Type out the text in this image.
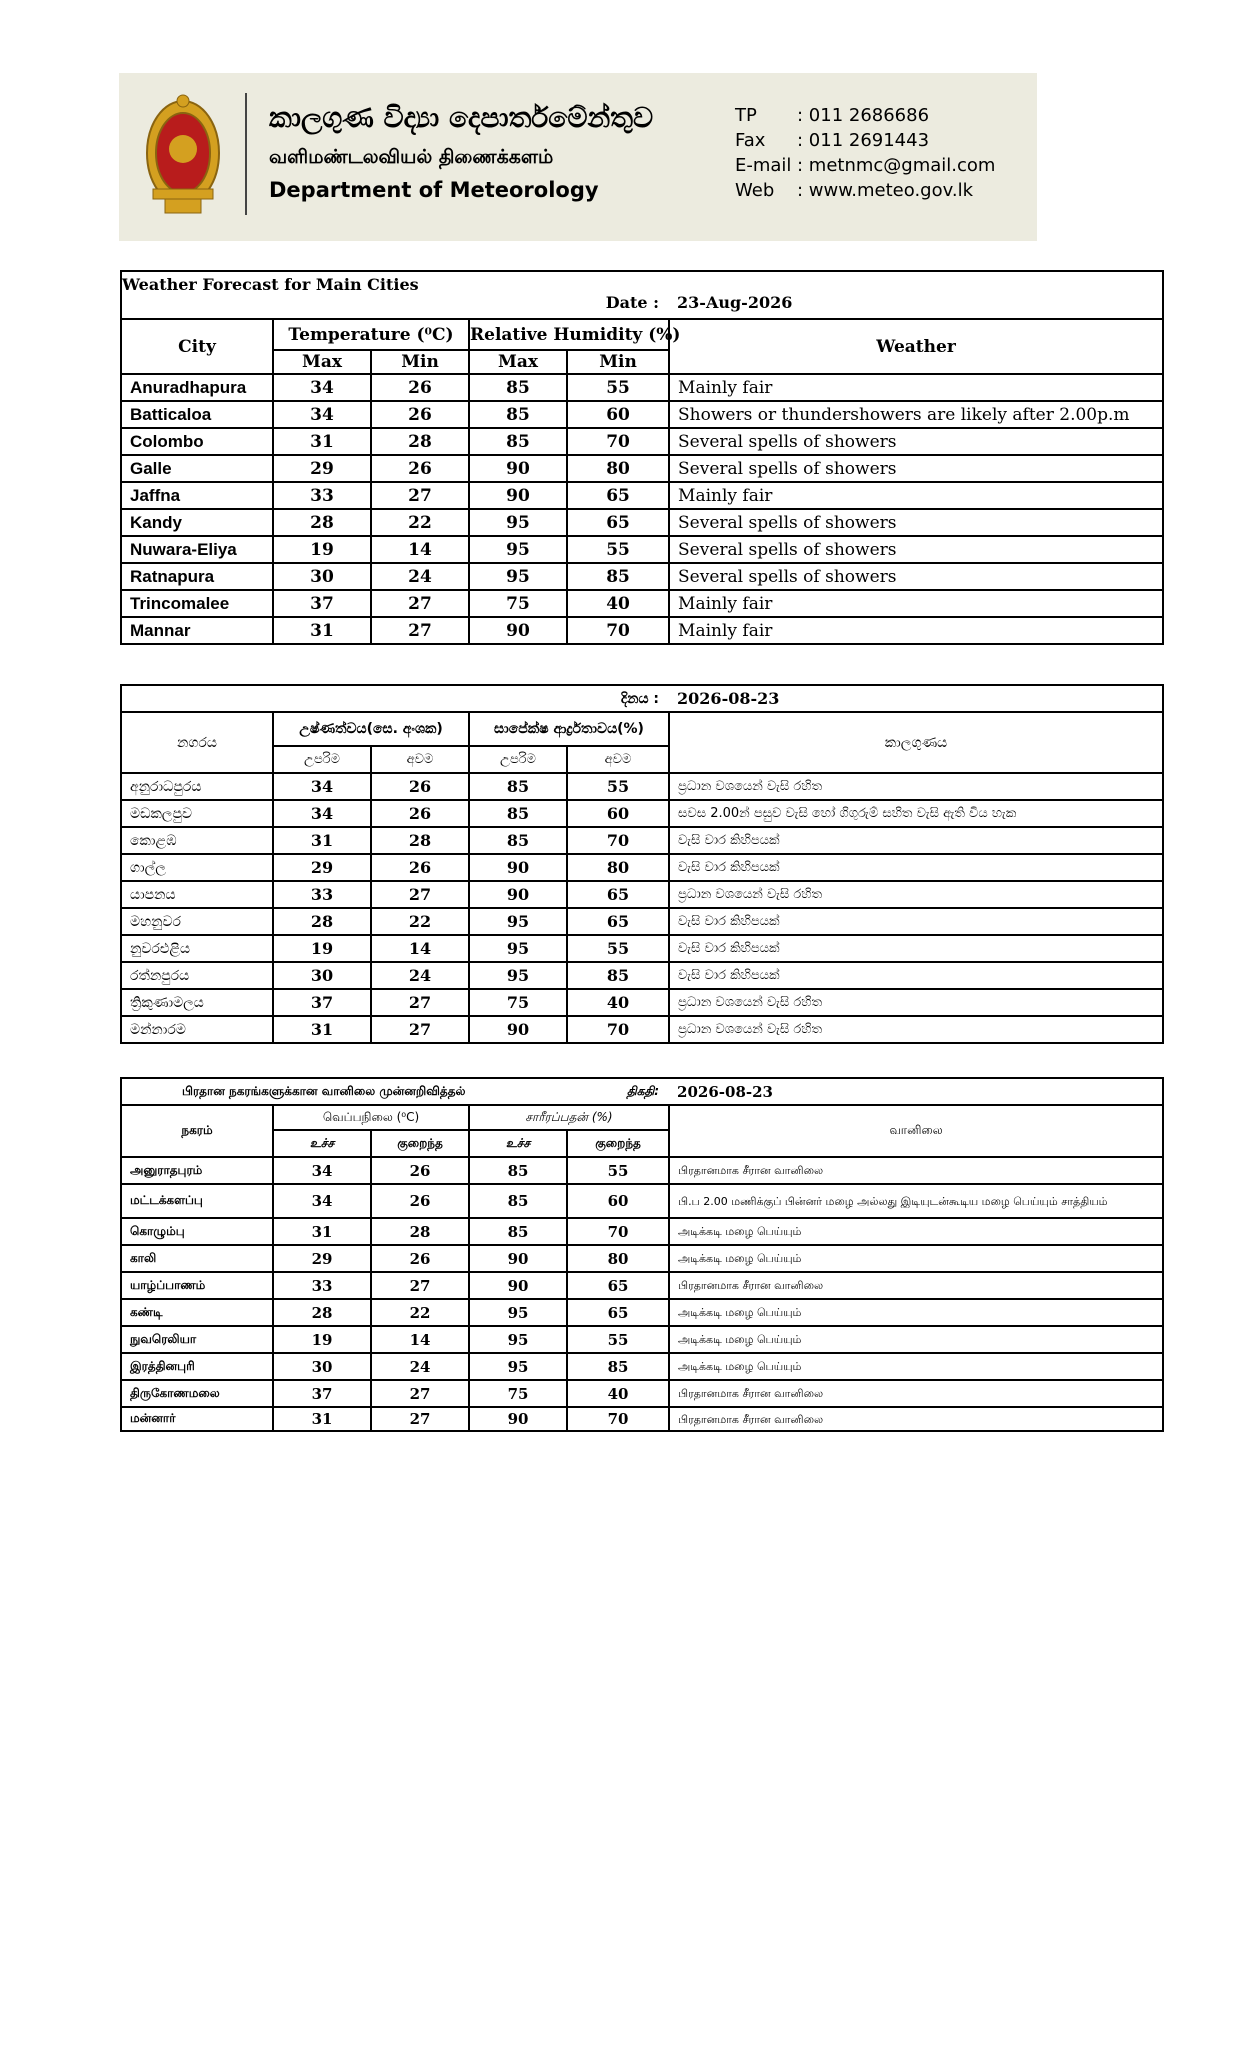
කාලගුණ විද්‍යා දෙපාර්තමේන්තුව
வளிமண்டலவியல் திணைக்களம்
Department of Meteorology
TP : 011 2686686
Fax : 011 2691443
E-mail : metnmc@gmail.com
Web : www.meteo.gov.lk
Weather Forecast for Main Cities		Date :			23-Aug-2026
City	Temperature (⁰C)		Relative Humidity (%)		Weather
	Max	Min	Max	Min	
Anuradhapura	34	26	85	55	Mainly fair
Batticaloa	34	26	85	60	Showers or thundershowers are likely after 2.00p.m
Colombo	31	28	85	70	Several spells of showers
Galle	29	26	90	80	Several spells of showers
Jaffna	33	27	90	65	Mainly fair
Kandy	28	22	95	65	Several spells of showers
Nuwara-Eliya	19	14	95	55	Several spells of showers
Ratnapura	30	24	95	85	Several spells of showers
Trincomalee	37	27	75	40	Mainly fair
Mannar	31	27	90	70	Mainly fair
		දිනය :			2026-08-23
නගරය	උෂ්ණත්වය(සෙ. අංශක)		සාපේක්ෂ ආර්ද්‍රතාවය(%)		කාලගුණය
	උපරිම	අවම	උපරිම	අවම	
අනුරාධපුරය	34	26	85	55	ප්‍රධාන වශයෙන් වැසි රහිත
මඩකලපුව	34	26	85	60	සවස 2.00න් පසුව වැසි හෝ ගිගුරුම් සහිත වැසි ඇති විය හැක
කොළඹ	31	28	85	70	වැසි වාර කිහිපයක්
ගාල්ල	29	26	90	80	වැසි වාර කිහිපයක්
යාපනය	33	27	90	65	ප්‍රධාන වශයෙන් වැසි රහිත
මහනුවර	28	22	95	65	වැසි වාර කිහිපයක්
නුවරඑළිය	19	14	95	55	වැසි වාර කිහිපයක්
රත්නපුරය	30	24	95	85	වැසි වාර කිහිපයක්
ත්‍රිකුණාමලය	37	27	75	40	ප්‍රධාන වශයෙන් වැසි රහිත
මන්නාරම	31	27	90	70	ප්‍රධාන වශයෙන් වැසි රහිත
பிரதான நகரங்களுக்கான வானிலை முன்னறிவித்தல்			திகதி:		2026-08-23
நகரம்	வெப்பநிலை (⁰C)		சாரீரப்பதன் (%)		வானிலை
	உச்ச	குறைந்த	உச்ச	குறைந்த	
அனுராதபுரம்	34	26	85	55	பிரதானமாக சீரான வானிலை
மட்டக்களப்பு	34	26	85	60	பி.ப 2.00 மணிக்குப் பின்னர் மழை அல்லது இடியுடன்கூடிய மழை பெய்யும் சாத்தியம்
கொழும்பு	31	28	85	70	அடிக்கடி மழை பெய்யும்
காலி	29	26	90	80	அடிக்கடி மழை பெய்யும்
யாழ்ப்பாணம்	33	27	90	65	பிரதானமாக சீரான வானிலை
கண்டி	28	22	95	65	அடிக்கடி மழை பெய்யும்
நுவரெலியா	19	14	95	55	அடிக்கடி மழை பெய்யும்
இரத்தினபுரி	30	24	95	85	அடிக்கடி மழை பெய்யும்
திருகோணமலை	37	27	75	40	பிரதானமாக சீரான வானிலை
மன்னார்	31	27	90	70	பிரதானமாக சீரான வானிலை
